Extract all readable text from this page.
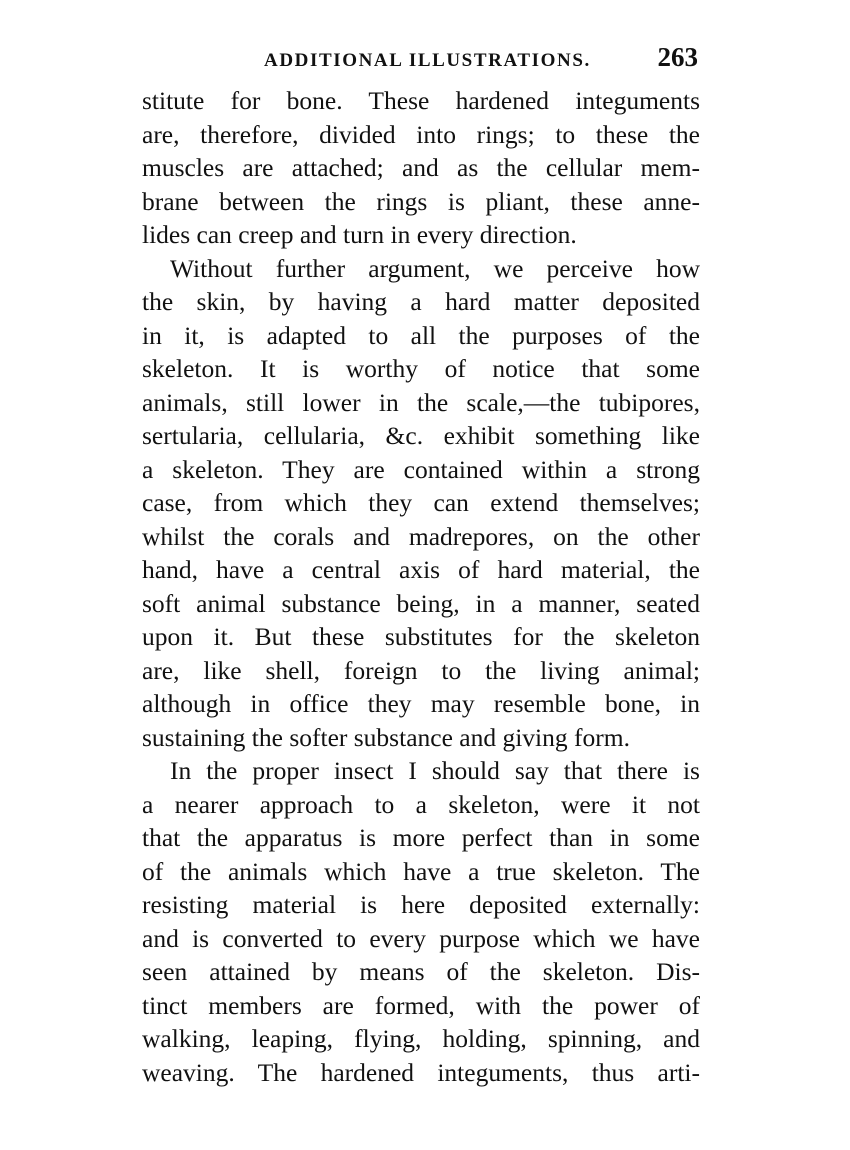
ADDITIONAL ILLUSTRATIONS. 263
stitute for bone. These hardened integuments
are, therefore, divided into rings; to these the
muscles are attached; and as the cellular mem-
brane between the rings is pliant, these anne-
lides can creep and turn in every direction.
Without further argument, we perceive how
the skin, by having a hard matter deposited
in it, is adapted to all the purposes of the
skeleton. It is worthy of notice that some
animals, still lower in the scale,—the tubipores,
sertularia, cellularia, &c. exhibit something like
a skeleton. They are contained within a strong
case, from which they can extend themselves;
whilst the corals and madrepores, on the other
hand, have a central axis of hard material, the
soft animal substance being, in a manner, seated
upon it. But these substitutes for the skeleton
are, like shell, foreign to the living animal;
although in office they may resemble bone, in
sustaining the softer substance and giving form.
In the proper insect I should say that there is
a nearer approach to a skeleton, were it not
that the apparatus is more perfect than in some
of the animals which have a true skeleton. The
resisting material is here deposited externally:
and is converted to every purpose which we have
seen attained by means of the skeleton. Dis-
tinct members are formed, with the power of
walking, leaping, flying, holding, spinning, and
weaving. The hardened integuments, thus arti-
